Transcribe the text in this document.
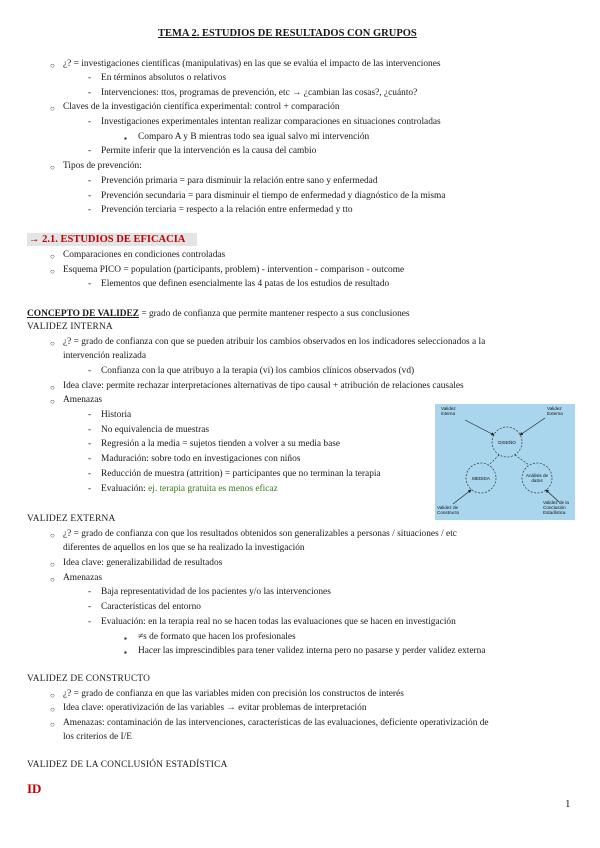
TEMA 2. ESTUDIOS DE RESULTADOS CON GRUPOS
○ ¿? = investigaciones científicas (manipulativas) en las que se evalúa el impacto de las intervenciones
- En términos absolutos o relativos
- Intervenciones: ttos, programas de prevención, etc → ¿cambian las cosas?, ¿cuánto?
○ Claves de la investigación científica experimental: control + comparación
- Investigaciones experimentales intentan realizar comparaciones en situaciones controladas
▪ Comparo A y B mientras todo sea igual salvo mi intervención
- Permite inferir que la intervención es la causa del cambio
○ Tipos de prevención:
- Prevención primaria = para disminuir la relación entre sano y enfermedad
- Prevención secundaria = para disminuir el tiempo de enfermedad y diagnóstico de la misma
- Prevención terciaria = respecto a la relación entre enfermedad y tto
→ 2.1. ESTUDIOS DE EFICACIA
○ Comparaciones en condiciones controladas
○ Esquema PICO = population (participants, problem) - intervention - comparison - outcome
- Elementos que definen esencialmente las 4 patas de los estudios de resultado
CONCEPTO DE VALIDEZ = grado de confianza que permite mantener respecto a sus conclusiones
VALIDEZ INTERNA
○ ¿? = grado de confianza con que se pueden atribuir los cambios observados en los indicadores seleccionados a la
intervención realizada
- Confianza con la que atribuyo a la terapia (vi) los cambios clínicos observados (vd)
○ Idea clave: permite rechazar interpretaciones alternativas de tipo causal + atribución de relaciones causales
○ Amenazas
- Historia
- No equivalencia de muestras
- Regresión a la media = sujetos tienden a volver a su media base
- Maduración: sobre todo en investigaciones con niños
- Reducción de muestra (attrition) = participantes que no terminan la terapia
- Evaluación: ej. terapia gratuita es menos eficaz
Validez
interna
Validez
Externa
DISEÑO
MEDIDA
Análisis de
datos
Validez de
Constructo
Validez de la
Conclusión
Estadística
VALIDEZ EXTERNA
○ ¿? = grado de confianza con que los resultados obtenidos son generalizables a personas / situaciones / etc
diferentes de aquellos en los que se ha realizado la investigación
○ Idea clave: generalizabilidad de resultados
○ Amenazas
- Baja representatividad de los pacientes y/o las intervenciones
- Características del entorno
- Evaluación: en la terapia real no se hacen todas las evaluaciones que se hacen en investigación
▪ ≠s de formato que hacen los profesionales
▪ Hacer las imprescindibles para tener validez interna pero no pasarse y perder validez externa
VALIDEZ DE CONSTRUCTO
○ ¿? = grado de confianza en que las variables miden con precisión los constructos de interés
○ Idea clave: operativización de las variables → evitar problemas de interpretación
○ Amenazas: contaminación de las intervenciones, características de las evaluaciones, deficiente operativización de
los criterios de I/E
VALIDEZ DE LA CONCLUSIÓN ESTADÍSTICA
ID
1
